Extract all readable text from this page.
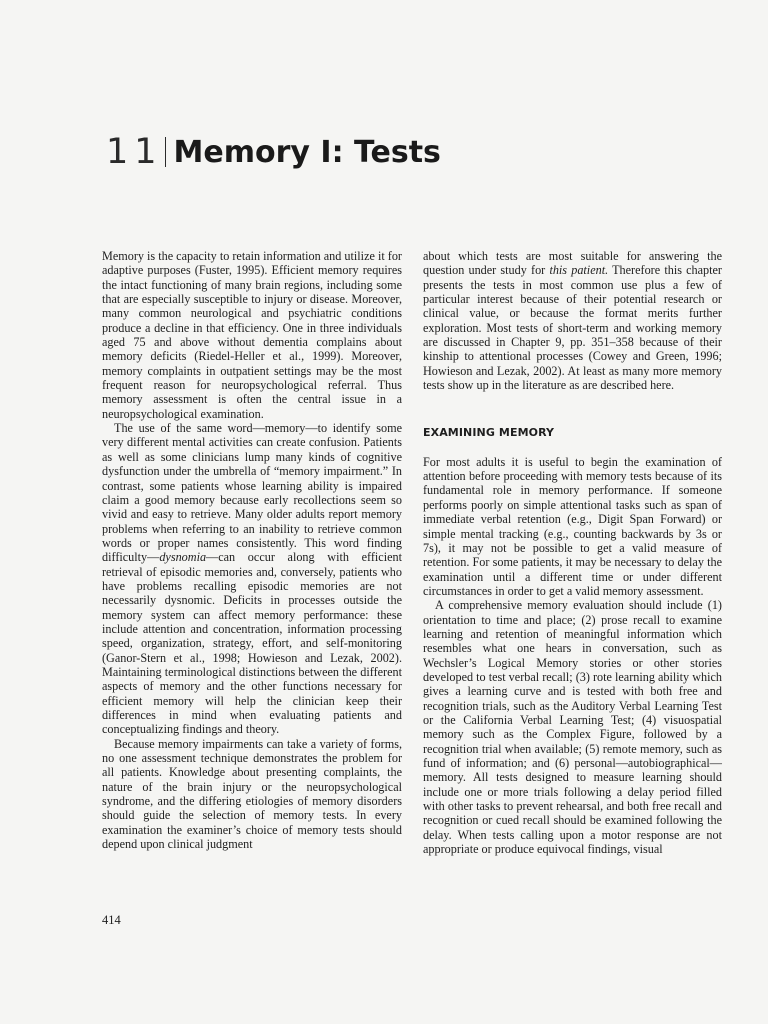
11 Memory I: Tests

Memory is the capacity to retain information and utilize it for adaptive purposes (Fuster, 1995). Efficient memory requires the intact functioning of many brain regions, including some that are especially susceptible to injury or disease. Moreover, many common neurological and psychiatric conditions produce a decline in that efficiency. One in three individuals aged 75 and above without dementia complains about memory deficits (Riedel-Heller et al., 1999). Moreover, memory complaints in outpatient settings may be the most frequent reason for neuropsychological referral. Thus memory assessment is often the central issue in a neuropsychological examination.

The use of the same word—memory—to identify some very different mental activities can create confusion. Patients as well as some clinicians lump many kinds of cognitive dysfunction under the umbrella of “memory impairment.” In contrast, some patients whose learning ability is impaired claim a good memory because early recollections seem so vivid and easy to retrieve. Many older adults report memory problems when referring to an inability to retrieve common words or proper names consistently. This word finding difficulty—dysnomia—can occur along with efficient retrieval of episodic memories and, conversely, patients who have problems recalling episodic memories are not necessarily dysnomic. Deficits in processes outside the memory system can affect memory performance: these include attention and concentration, information processing speed, organization, strategy, effort, and self-monitoring (Ganor-Stern et al., 1998; Howieson and Lezak, 2002). Maintaining terminological distinctions between the different aspects of memory and the other functions necessary for efficient memory will help the clinician keep their differences in mind when evaluating patients and conceptualizing findings and theory.

Because memory impairments can take a variety of forms, no one assessment technique demonstrates the problem for all patients. Knowledge about presenting complaints, the nature of the brain injury or the neuropsychological syndrome, and the differing etiologies of memory disorders should guide the selection of memory tests. In every examination the examiner’s choice of memory tests should depend upon clinical judgment

about which tests are most suitable for answering the question under study for this patient. Therefore this chapter presents the tests in most common use plus a few of particular interest because of their potential research or clinical value, or because the format merits further exploration. Most tests of short-term and working memory are discussed in Chapter 9, pp. 351–358 because of their kinship to attentional processes (Cowey and Green, 1996; Howieson and Lezak, 2002). At least as many more memory tests show up in the literature as are described here.

EXAMINING MEMORY

For most adults it is useful to begin the examination of attention before proceeding with memory tests because of its fundamental role in memory performance. If someone performs poorly on simple attentional tasks such as span of immediate verbal retention (e.g., Digit Span Forward) or simple mental tracking (e.g., counting backwards by 3s or 7s), it may not be possible to get a valid measure of retention. For some patients, it may be necessary to delay the examination until a different time or under different circumstances in order to get a valid memory assessment.

A comprehensive memory evaluation should include (1) orientation to time and place; (2) prose recall to examine learning and retention of meaningful information which resembles what one hears in conversation, such as Wechsler’s Logical Memory stories or other stories developed to test verbal recall; (3) rote learning ability which gives a learning curve and is tested with both free and recognition trials, such as the Auditory Verbal Learning Test or the California Verbal Learning Test; (4) visuospatial memory such as the Complex Figure, followed by a recognition trial when available; (5) remote memory, such as fund of information; and (6) personal—autobiographical—memory. All tests designed to measure learning should include one or more trials following a delay period filled with other tasks to prevent rehearsal, and both free recall and recognition or cued recall should be examined following the delay. When tests calling upon a motor response are not appropriate or produce equivocal findings, visual

414
